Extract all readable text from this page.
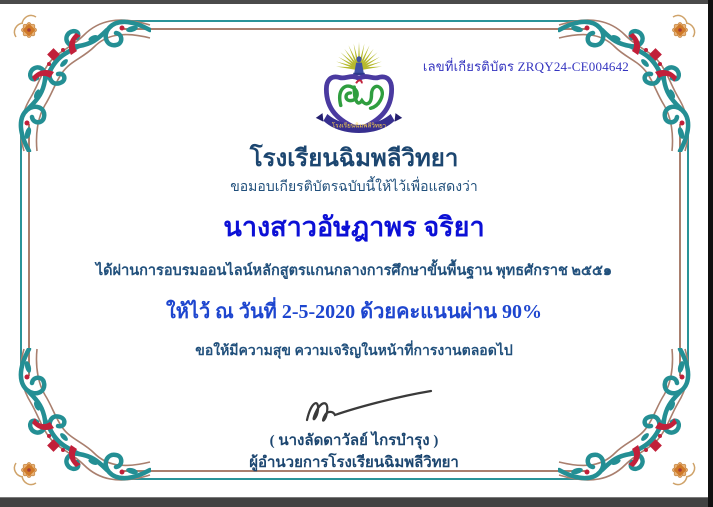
เลขที่เกียรติบัตร ZRQY24-CE004642
โรงเรียนฉิมพลีวิทยา
โรงเรียนฉิมพลีวิทยา
ขอมอบเกียรติบัตรฉบับนี้ให้ไว้เพื่อแสดงว่า
นางสาวอัษฎาพร จริยา
ได้ผ่านการอบรมออนไลน์หลักสูตรแกนกลางการศึกษาขั้นพื้นฐาน พุทธศักราช ๒๕๕๑
ให้ไว้ ณ วันที่ 2-5-2020 ด้วยคะแนนผ่าน 90%
ขอให้มีความสุข ความเจริญในหน้าที่การงานตลอดไป
( นางลัดดาวัลย์ ไกรบำรุง )
ผู้อำนวยการโรงเรียนฉิมพลีวิทยา
